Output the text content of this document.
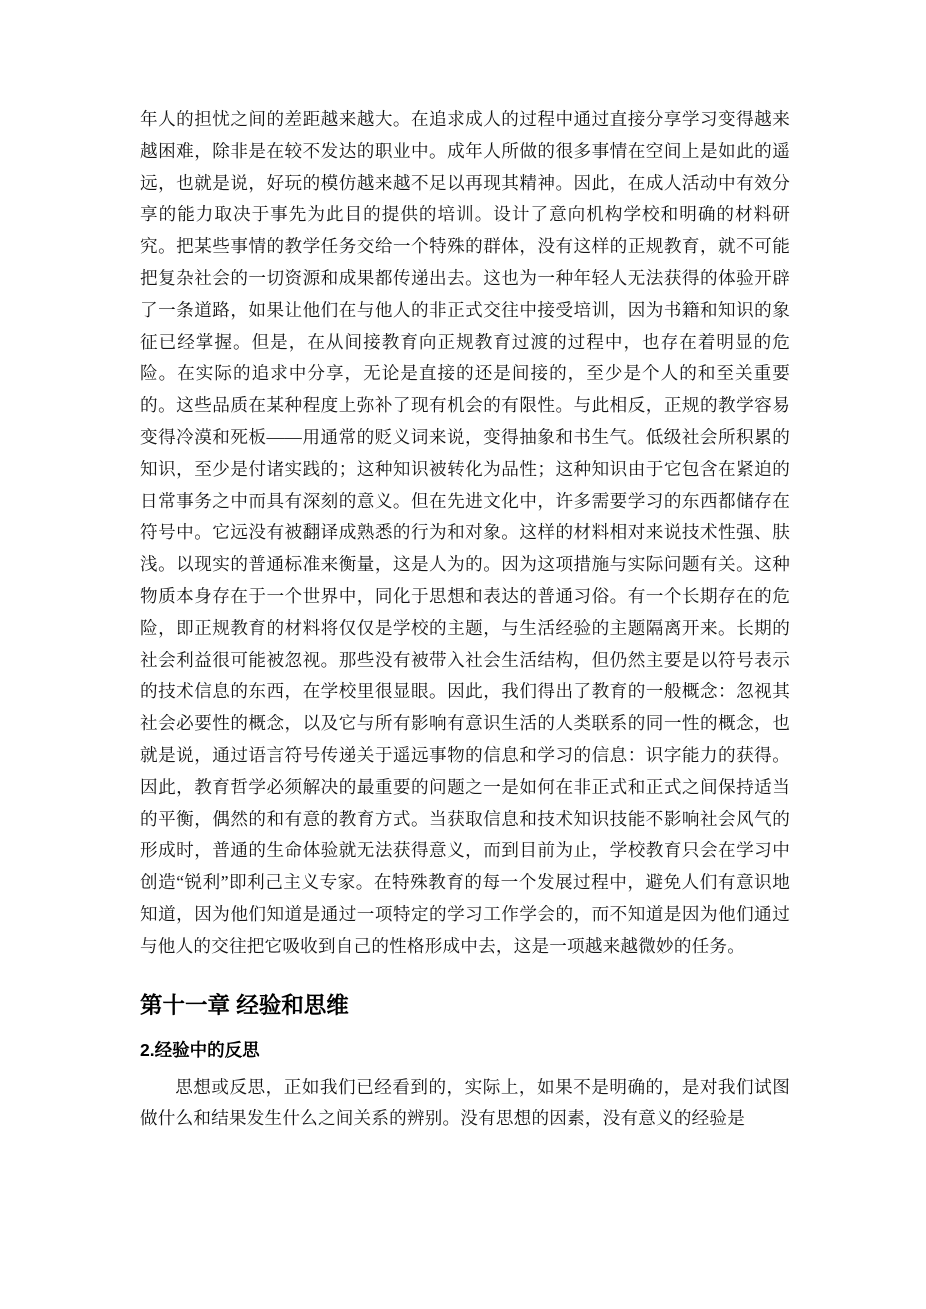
年人的担忧之间的差距越来越大。在追求成人的过程中通过直接分享学习变得越来越困难，除非是在较不发达的职业中。成年人所做的很多事情在空间上是如此的遥远，也就是说，好玩的模仿越来越不足以再现其精神。因此，在成人活动中有效分享的能力取决于事先为此目的提供的培训。设计了意向机构学校和明确的材料研究。把某些事情的教学任务交给一个特殊的群体，没有这样的正规教育，就不可能把复杂社会的一切资源和成果都传递出去。这也为一种年轻人无法获得的体验开辟了一条道路，如果让他们在与他人的非正式交往中接受培训，因为书籍和知识的象征已经掌握。但是，在从间接教育向正规教育过渡的过程中，也存在着明显的危险。在实际的追求中分享，无论是直接的还是间接的，至少是个人的和至关重要的。这些品质在某种程度上弥补了现有机会的有限性。与此相反，正规的教学容易变得冷漠和死板——用通常的贬义词来说，变得抽象和书生气。低级社会所积累的知识，至少是付诸实践的；这种知识被转化为品性；这种知识由于它包含在紧迫的日常事务之中而具有深刻的意义。但在先进文化中，许多需要学习的东西都储存在符号中。它远没有被翻译成熟悉的行为和对象。这样的材料相对来说技术性强、肤浅。以现实的普通标准来衡量，这是人为的。因为这项措施与实际问题有关。这种物质本身存在于一个世界中，同化于思想和表达的普通习俗。有一个长期存在的危险，即正规教育的材料将仅仅是学校的主题，与生活经验的主题隔离开来。长期的社会利益很可能被忽视。那些没有被带入社会生活结构，但仍然主要是以符号表示的技术信息的东西，在学校里很显眼。因此，我们得出了教育的一般概念：忽视其社会必要性的概念，以及它与所有影响有意识生活的人类联系的同一性的概念，也就是说，通过语言符号传递关于遥远事物的信息和学习的信息：识字能力的获得。因此，教育哲学必须解决的最重要的问题之一是如何在非正式和正式之间保持适当的平衡，偶然的和有意的教育方式。当获取信息和技术知识技能不影响社会风气的形成时，普通的生命体验就无法获得意义，而到目前为止，学校教育只会在学习中创造“锐利”即利己主义专家。在特殊教育的每一个发展过程中，避免人们有意识地知道，因为他们知道是通过一项特定的学习工作学会的，而不知道是因为他们通过与他人的交往把它吸收到自己的性格形成中去，这是一项越来越微妙的任务。

第十一章 经验和思维
2.经验中的反思

思想或反思，正如我们已经看到的，实际上，如果不是明确的，是对我们试图做什么和结果发生什么之间关系的辨别。没有思想的因素，没有意义的经验是
